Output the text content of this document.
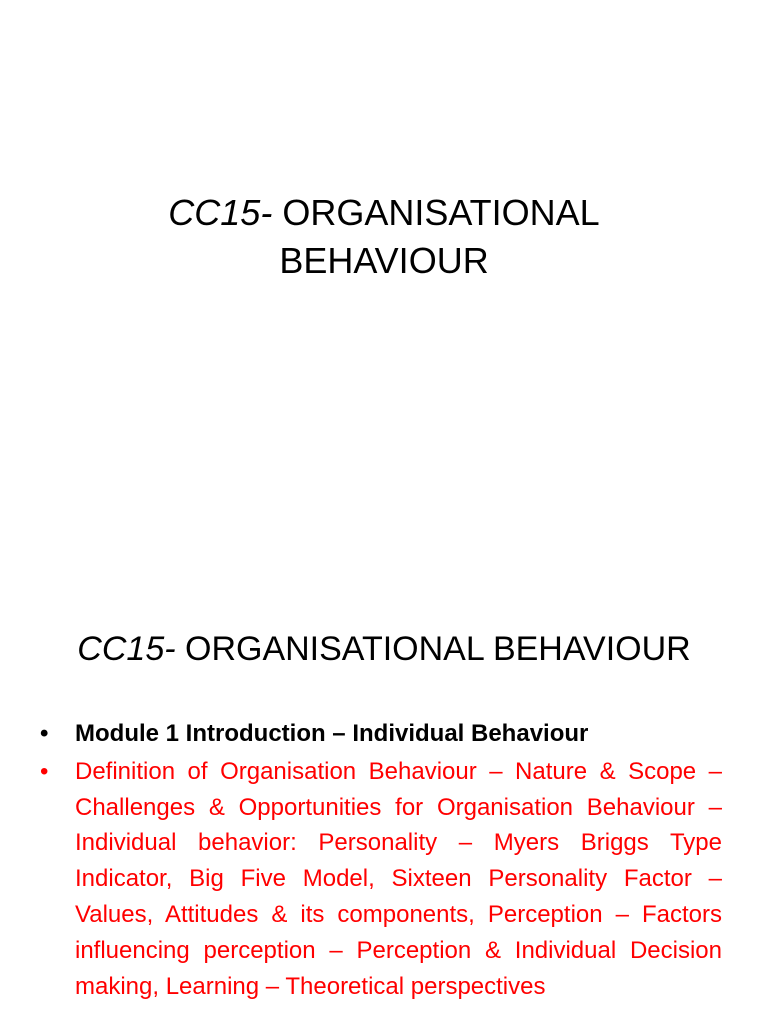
CC15- ORGANISATIONAL
BEHAVIOUR
CC15- ORGANISATIONAL BEHAVIOUR
• Module 1 Introduction – Individual Behaviour
• Definition of Organisation Behaviour – Nature & Scope – Challenges & Opportunities for Organisation Behaviour – Individual behavior: Personality – Myers Briggs Type Indicator, Big Five Model, Sixteen Personality Factor – Values, Attitudes & its components, Perception – Factors influencing perception – Perception & Individual Decision making, Learning – Theoretical perspectives
